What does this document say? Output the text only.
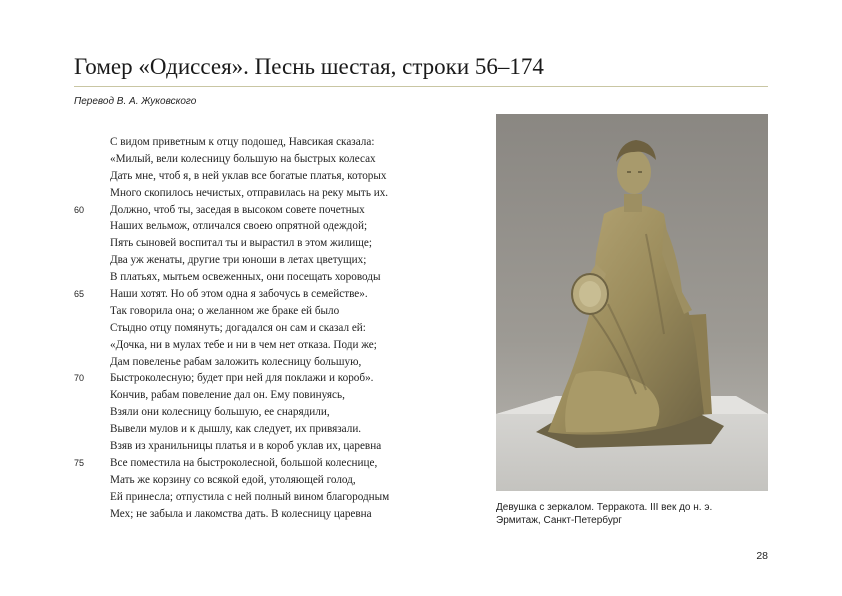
Гомер «Одиссея». Песнь шестая, строки 56–174
Перевод В. А. Жуковского
С видом приветным к отцу подошед, Навсикая сказала:
«Милый, вели колесницу большую на быстрых колесах
Дать мне, чтоб я, в ней уклав все богатые платья, которых
Много скопилось нечистых, отправилась на реку мыть их.
60	Должно, чтоб ты, заседая в высоком совете почетных
Наших вельмож, отличался своею опрятной одеждой;
Пять сыновей воспитал ты и вырастил в этом жилище;
Два уж женаты, другие три юноши в летах цветущих;
В платьях, мытьем освеженных, они посещать хороводы
65	Наши хотят. Но об этом одна я забочусь в семействе».
Так говорила она; о желанном же браке ей было
Стыдно отцу помянуть; догадался он сам и сказал ей:
«Дочка, ни в мулах тебе и ни в чем нет отказа. Поди же;
Дам повеленье рабам заложить колесницу большую,
70	Быстроколесную; будет при ней для поклажи и короб».
Кончив, рабам повеление дал он. Ему повинуясь,
Взяли они колесницу большую, ее снарядили,
Вывели мулов и к дышлу, как следует, их привязали.
Взяв из хранильницы платья и в короб уклав их, царевна
75	Все поместила на быстроколесной, большой колеснице,
Мать же корзину со всякой едой, утоляющей голод,
Ей принесла; отпустила с ней полный вином благородным
Мех; не забыла и лакомства дать. В колесницу царевна
Девушка с зеркалом. Терракота. III век до н. э.
Эрмитаж, Санкт-Петербург
28
